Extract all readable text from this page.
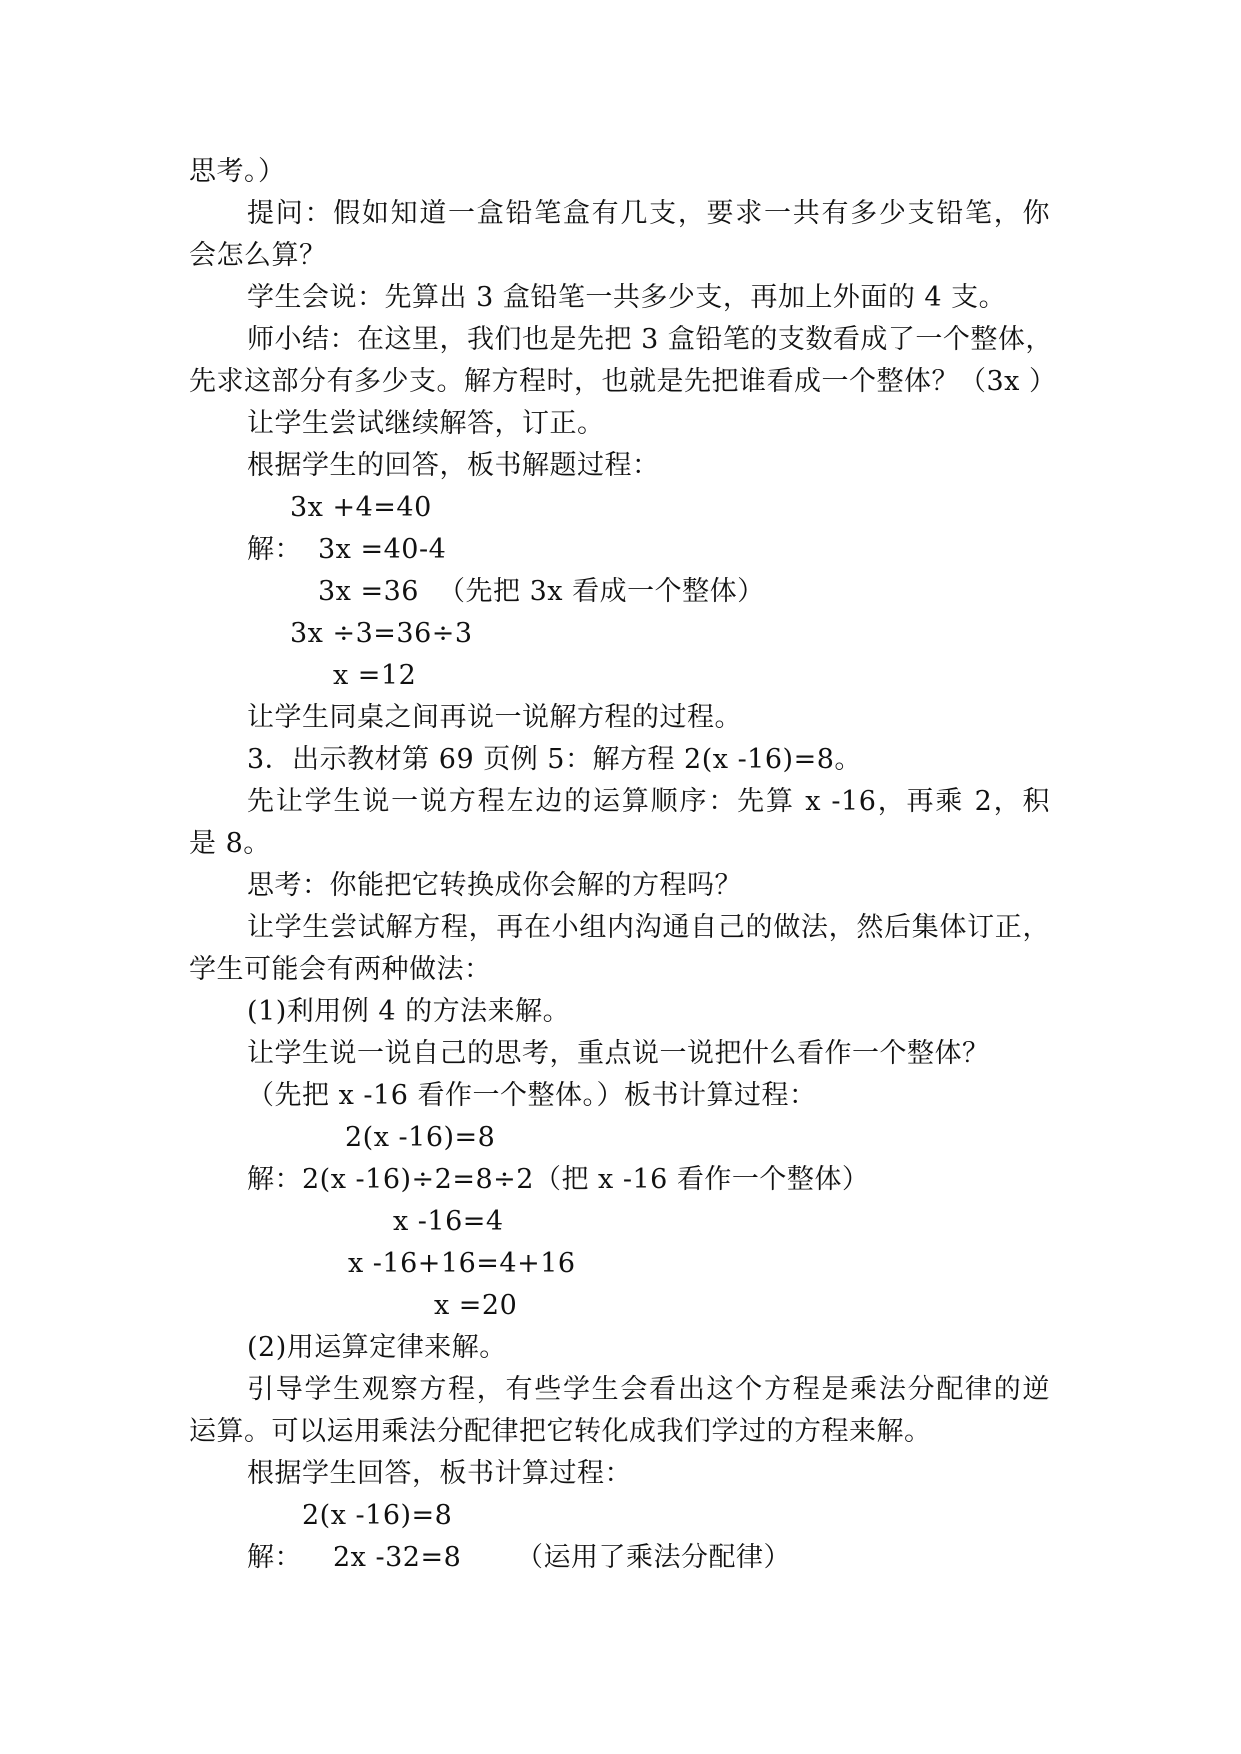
思考。）
提问：假如知道一盒铅笔盒有几支，要求一共有多少支铅笔，你
会怎么算？
学生会说：先算出 3 盒铅笔一共多少支，再加上外面的 4 支。
师小结：在这里，我们也是先把 3 盒铅笔的支数看成了一个整体，
先求这部分有多少支。解方程时，也就是先把谁看成一个整体？（3x ）
让学生尝试继续解答，订正。
根据学生的回答，板书解题过程：
3x +4=40
解： 3x =40-4
3x =36 （先把 3x 看成一个整体）
3x ÷3=36÷3
x =12
让学生同桌之间再说一说解方程的过程。
3．出示教材第 69 页例 5：解方程 2(x -16)=8。
先让学生说一说方程左边的运算顺序：先算 x -16，再乘 2，积
是 8。
思考：你能把它转换成你会解的方程吗？
让学生尝试解方程，再在小组内沟通自己的做法，然后集体订正，
学生可能会有两种做法：
(1)利用例 4 的方法来解。
让学生说一说自己的思考，重点说一说把什么看作一个整体？
（先把 x -16 看作一个整体。）板书计算过程：
2(x -16)=8
解：2(x -16)÷2=8÷2（把 x -16 看作一个整体）
x -16=4
x -16+16=4+16
x =20
(2)用运算定律来解。
引导学生观察方程，有些学生会看出这个方程是乘法分配律的逆
运算。可以运用乘法分配律把它转化成我们学过的方程来解。
根据学生回答，板书计算过程：
2(x -16)=8
解： 2x -32=8 （运用了乘法分配律）
